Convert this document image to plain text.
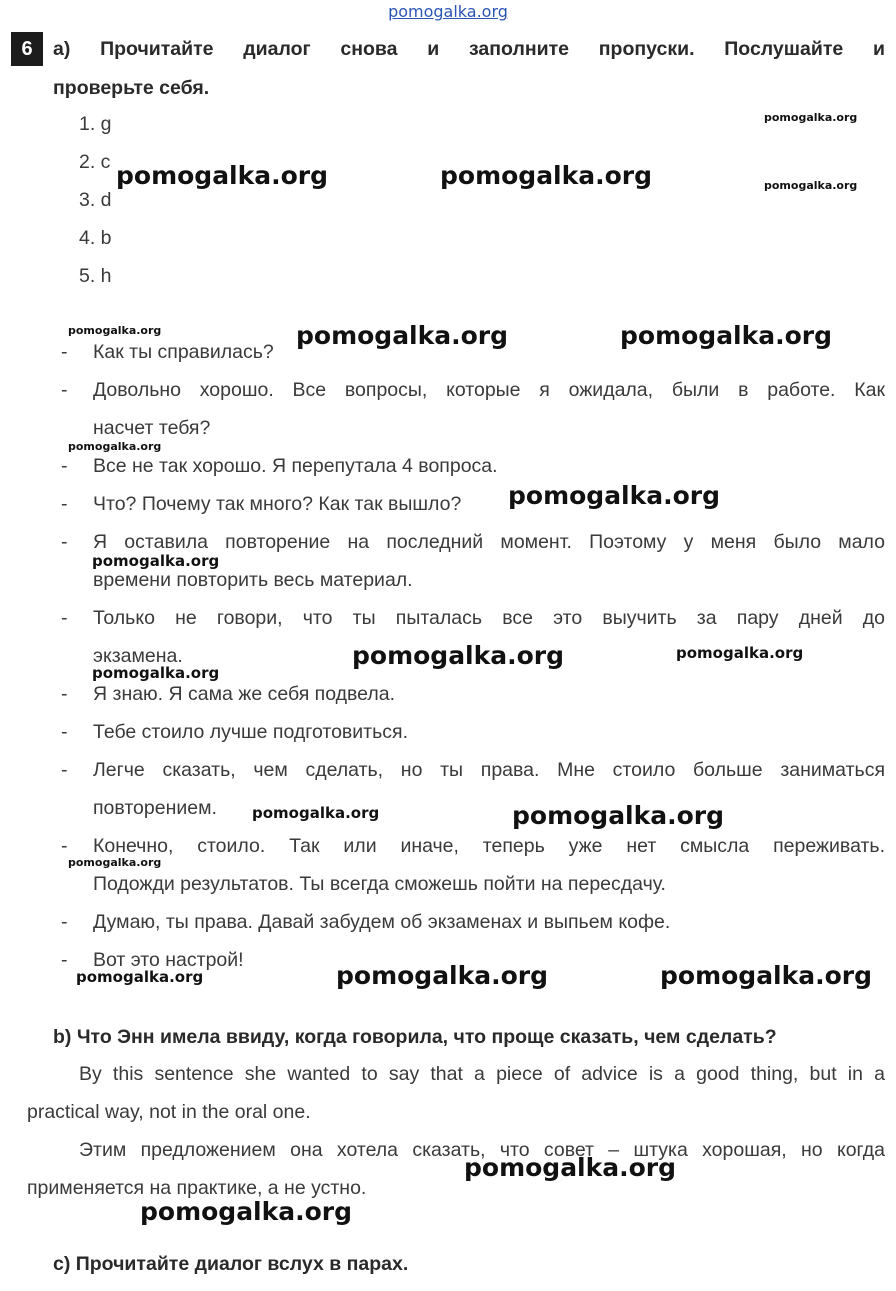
pomogalka.org
6	a) Прочитайте диалог снова и заполните пропуски. Послушайте и
проверьте себя.
1. g
2. c
3. d
4. b
5. h
- Как ты справилась?
- Довольно хорошо. Все вопросы, которые я ожидала, были в работе. Как
насчет тебя?
- Все не так хорошо. Я перепутала 4 вопроса.
- Что? Почему так много? Как так вышло?
- Я оставила повторение на последний момент. Поэтому у меня было мало
времени повторить весь материал.
- Только не говори, что ты пыталась все это выучить за пару дней до
экзамена.
- Я знаю. Я сама же себя подвела.
- Тебе стоило лучше подготовиться.
- Легче сказать, чем сделать, но ты права. Мне стоило больше заниматься
повторением.
- Конечно, стоило. Так или иначе, теперь уже нет смысла переживать.
Подожди результатов. Ты всегда сможешь пойти на пересдачу.
- Думаю, ты права. Давай забудем об экзаменах и выпьем кофе.
- Вот это настрой!
b) Что Энн имела ввиду, когда говорила, что проще сказать, чем сделать?
By this sentence she wanted to say that a piece of advice is a good thing, but in a
practical way, not in the oral one.
Этим предложением она хотела сказать, что совет – штука хорошая, но когда
применяется на практике, а не устно.
c) Прочитайте диалог вслух в парах.
pomogalka.org	pomogalka.org
pomogalka.org
pomogalka.org
pomogalka.org	pomogalka.org	pomogalka.org
pomogalka.org
pomogalka.org
pomogalka.org
pomogalka.org	pomogalka.org
pomogalka.org
pomogalka.org	pomogalka.org
pomogalka.org
pomogalka.org	pomogalka.org	pomogalka.org
pomogalka.org
pomogalka.org
